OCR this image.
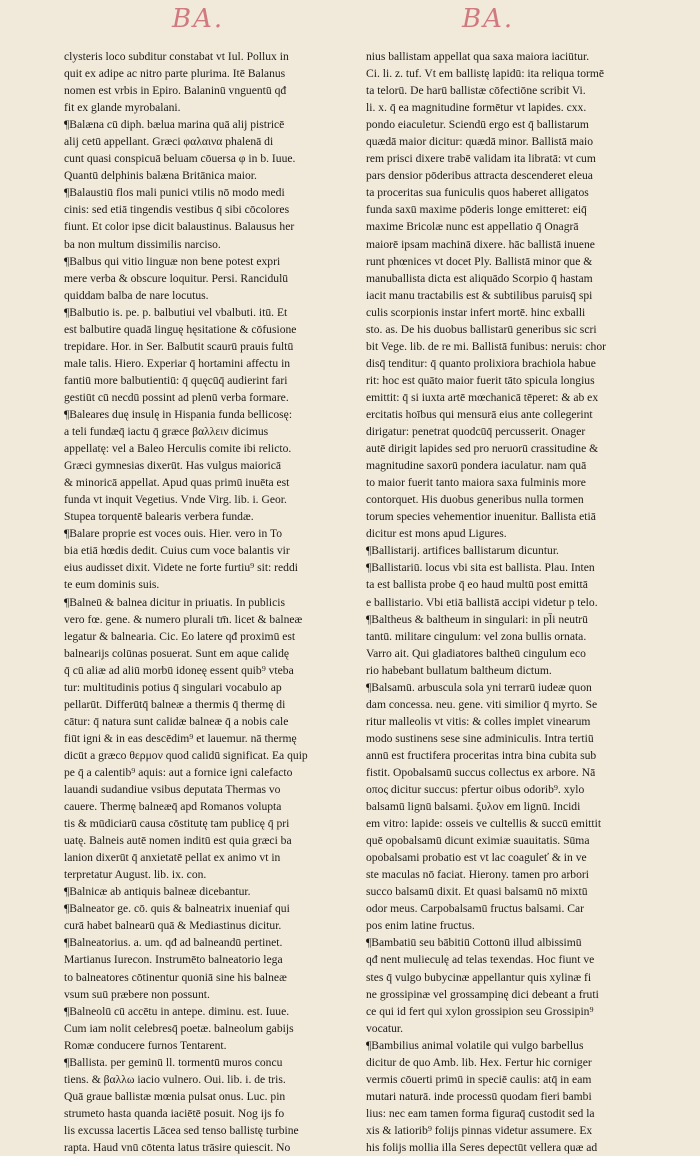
BA.	BA.
clysteris loco subditur constabat vt Iul. Pollux in
quit ex adipe ac nitro parte plurima. Itē Balanus
nomen est vrbis in Epiro. Balaninū vnguentū qđ
fit ex glande myrobalani.
¶Balæna cū diph. bælua marina quā alij pistricē
alij cetū appellant. Græci φαλαινα phalenā di
cunt quasi conspicuā beluam cōuersa φ in b. Iuue.
Quantū delphinis balæna Britānica maior.
¶Balaustiū flos mali punici vtilis nō modo medi
cinis: sed etiā tingendis vestibus q̄ sibi cōcolores
fiunt. Et color ipse dicit balaustinus. Balausus her
ba non multum dissimilis narciso.
¶Balbus qui vitio linguæ non bene potest expri
mere verba & obscure loquitur. Persi. Rancidulū
quiddam balba de nare locutus.
¶Balbutio is. pe. p. balbutiui vel vbalbuti. itū. Et
est balbutire quadā linguę hęsitatione & cōfusione
trepidare. Hor. in Ser. Balbutit scaurū prauis fultū
male talis. Hiero. Experiar q̄ hortamini affectu in
fantiū more balbutientiū: q̄ quęcūq̄ audierint fari
gestiūt cū necdū possint ad plenū verba formare.
¶Baleares duę insulę in Hispania funda bellicosę:
a teli fundæq̄ iactu q̄ græce βαλλειν dicimus
appellatę: vel a Baleo Herculis comite ibi relicto.
Græci gymnesias dixerūt. Has vulgus maioricā
& minoricā appellat. Apud quas primū inuēta est
funda vt inquit Vegetius. Vnde Virg. lib. i. Geor.
Stupea torquentē balearis verbera fundæ.
¶Balare proprie est voces ouis. Hier. vero in To
bia etiā hœdis dedit. Cuius cum voce balantis vir
eius audisset dixit. Videte ne forte furtiu⁹ sit: reddi
te eum dominis suis.
¶Balneū & balnea dicitur in priuatis. In publicis
vero fœ. gene. & numero plurali tm̄. licet & balneæ
legatur & balnearia. Cic. Eo latere qđ proximū est
balnearijs colūnas posuerat. Sunt em aque calidę
q̄ cū aliæ ad aliū morbū idoneę essent quib⁹ vteba
tur: multitudinis potius q̄ singulari vocabulo ap
pellarūt. Differūtq̄ balneæ a thermis q̄ thermę di
cātur: q̄ natura sunt calidæ balneæ q̄ a nobis cale
fiūt igni & in eas descēdim⁹ et lauemur. nā thermę
dicūt a græco θερμον quod calidū significat. Ea quip
pe q̄ a calentib⁹ aquis: aut a fornice igni calefacto
lauandi sudandiue vsibus deputata Thermas vo
cauere. Thermę balneæq̄ apd Romanos volupta
tis & mūdiciarū causa cōstitutę tam publicę q̄ pri
uatę. Balneis autē nomen inditū est quia græci ba
lanion dixerūt q̄ anxietatē pellat ex animo vt in
terpretatur August. lib. ix. con.
¶Balnicæ ab antiquis balneæ dicebantur.
¶Balneator ge. cō. quis & balneatrix inueniaf qui
curā habet balnearū quā & Mediastinus dicitur.
¶Balneatorius. a. um. qđ ad balneandū pertinet.
Martianus Iurecon. Instrumēto balneatorio lega
to balneatores cōtinentur quoniā sine his balneæ
vsum suū præbere non possunt.
¶Balneolū cū accētu in antepe. diminu. est. Iuue.
Cum iam nolit celebresq̄ poetæ. balneolum gabijs
Romæ conducere furnos Tentarent.
¶Ballista. per geminū ll. tormentū muros concu
tiens. & βαλλω iacio vulnero. Oui. lib. i. de tris.
Quā graue ballistæ mœnia pulsat onus. Luc. pin
strumeto hasta quanda iaciētē posuit. Nog ijs fo
lis excussa lacertis Lācea sed tenso ballistę turbine
rapta. Haud vnū cōtenta latus trāsire quiescit. No
nius ballistam appellat qua saxa maiora iaciūtur.
Ci. li. z. tuf. Vt em ballistę lapidū: ita reliqua tormē
ta telorū. De harū ballistæ cōfectiōne scribit Vi.
li. x. q̄ ea magnitudine formētur vt lapides. cxx.
pondo eiaculetur. Sciendū ergo est q̄ ballistarum
quædā maior dicitur: quædā minor. Ballistā maio
rem prisci dixere trabē validam ita libratā: vt cum
pars densior pōderibus attracta descenderet eleua
ta proceritas sua funiculis quos haberet alligatos
funda saxū maxime pōderis longe emitteret: eiq̄
maxime Bricolæ nunc est appellatio q̄ Onagrā
maiorē ipsam machinā dixere. hāc ballistā inuene
runt phœnices vt docet Ply. Ballistā minor que &
manuballista dicta est aliquādo Scorpio q̄ hastam
iacit manu tractabilis est & subtilibus paruisq̄ spi
culis scorpionis instar infert mortē. hinc exballi
sto. as. De his duobus ballistarū generibus sic scri
bit Vege. lib. de re mi. Ballistā funibus: neruis: chor
disq̄ tenditur: q̄ quanto prolixiora brachiola habue
rit: hoc est quāto maior fuerit tāto spicula longius
emittit: q̄ si iuxta artē mœchanicā tēperet: & ab ex
ercitatis hoībus qui mensurā eius ante collegerint
dirigatur: penetrat quodcūq̄ percusserit. Onager
autē dirigit lapides sed pro neruorū crassitudine &
magnitudine saxorū pondera iaculatur. nam quā
to maior fuerit tanto maiora saxa fulminis more
contorquet. His duobus generibus nulla tormen
torum species vehementior inuenitur. Ballista etiā
dicitur est mons apud Ligures.
¶Ballistarij. artifices ballistarum dicuntur.
¶Ballistariū. locus vbi sita est ballista. Plau. Inten
ta est ballista probe q̄ eo haud multū post emittā
e ballistario. Vbi etiā ballistā accipi videtur p telo.
¶Baltheus & baltheum in singulari: in pl̄i neutrū
tantū. militare cingulum: vel zona bullis ornata.
Varro ait. Qui gladiatores baltheū cingulum eco
rio habebant bullatum baltheum dictum.
¶Balsamū. arbuscula sola yni terrarū iudeæ quon
dam concessa. neu. gene. viti similior q̄ myrto. Se
ritur malleolis vt vitis: & colles implet vinearum
modo sustinens sese sine adminiculis. Intra tertiū
annū est fructifera proceritas intra bina cubita sub
fistit. Opobalsamū succus collectus ex arbore. Nā
οπος dicitur succus: pfertur oibus odorib⁹. xylo
balsamū lignū balsami. ξυλον em lignū. Incidi
em vitro: lapide: osseis ve cultellis & succū emittit
quē opobalsamū dicunt eximiæ suauitatis. Sūma
opobalsami probatio est vt lac coaguleť & in ve
ste maculas nō faciat. Hierony. tamen pro arbori
succo balsamū dixit. Et quasi balsamū nō mixtū
odor meus. Carpobalsamū fructus balsami. Car
pos enim latine fructus.
¶Bambatiū seu bābitiū Cottonū illud albissimū
qđ nent mulieculę ad telas texendas. Hoc fiunt ve
stes q̄ vulgo bubycinæ appellantur quis xylinæ fi
ne grossipinæ vel grossampinę dici debeant a fruti
ce qui id fert qui xylon grossipion seu Grossipin⁹
vocatur.
¶Bambilius animal volatile qui vulgo barbellus
dicitur de quo Amb. lib. Hex. Fertur hic corniger
vermis cōuerti primū in speciē caulis: atq̄ in eam
mutari naturā. inde processū quodam fieri bambi
lius: nec eam tamen forma figuraq̄ custodit sed la
xis & latiorib⁹ folijs pinnas videtur assumere. Ex
his folijs mollia illa Seres depectūt vellera quæ ad
